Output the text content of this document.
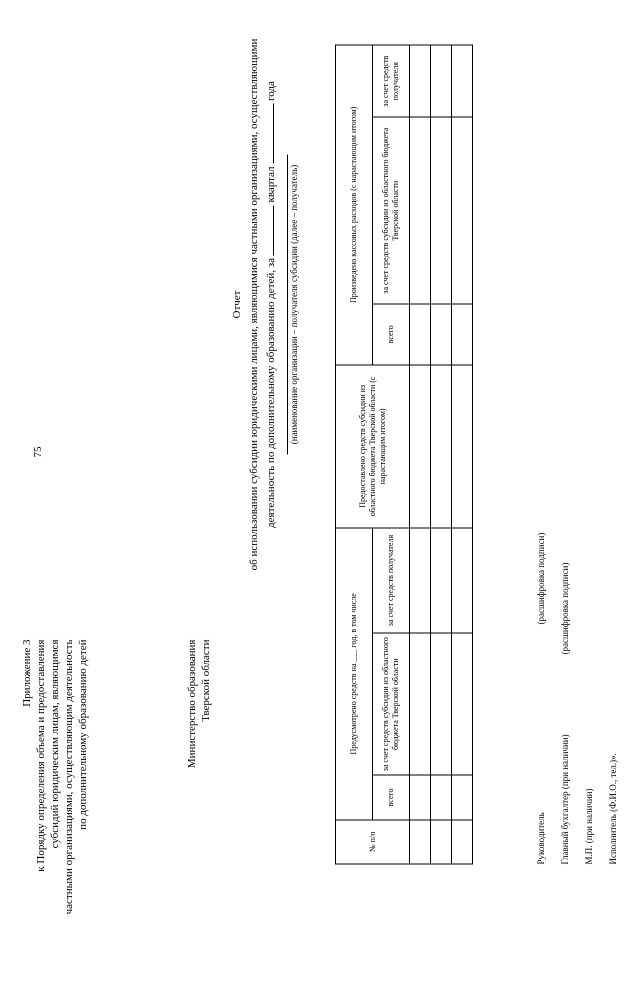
75
Приложение 3 к Порядку определения объема и предоставления субсидий юридическим лицам, являющимся частными организациями, осуществляющим деятельность по дополнительному образованию детей	Министерство образования Тверской области
Отчет об использовании субсидии юридическими лицами, являющимися частными организациями, осуществляющими деятельность по дополнительному образованию детей, за  квартал  года
(наименование организации – получателя субсидии (далее – получатель)
№ п/п	Предусмотрено средств на ___ год, в том числе			Предоставлено средств субсидии из областного бюджета Тверской области (с нарастающим итогом)	Произведено кассовых расходов (с нарастающим итогом)		
	всего	за счет средств субсидии из областного бюджета Тверской области	за счет средств получателя		всего	за счет средств субсидии из областного бюджета Тверской области	за счет средств получателя

Руководитель
(расшифровка подписи)
Главный бухгалтер (при наличии)
(расшифровка подписи)
М.П. (при наличии) Исполнитель (Ф.И.О., тел.)».
